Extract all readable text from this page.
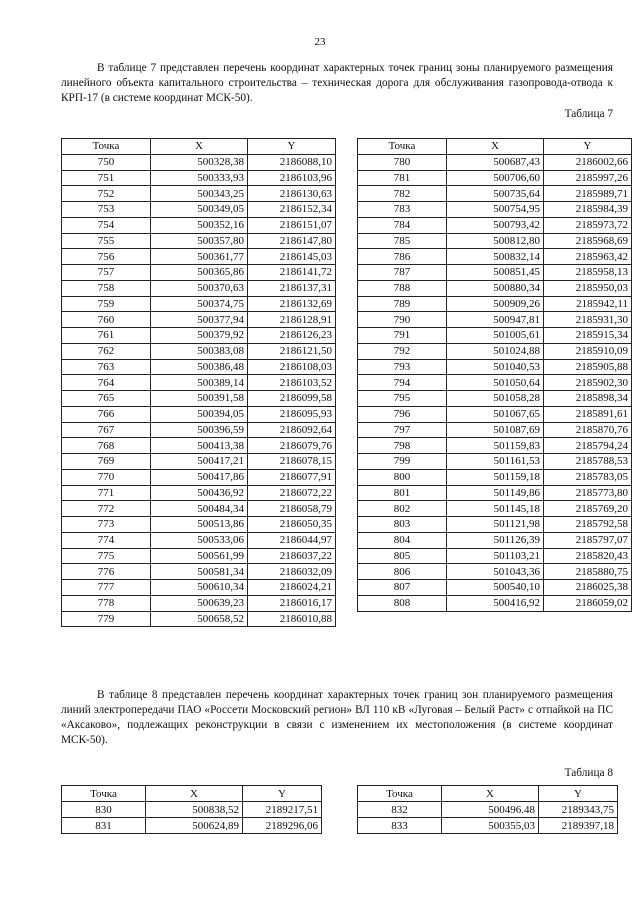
23

В таблице 7 представлен перечень координат характерных точек границ зоны планируемого размещения линейного объекта капитального строительства – техническая дорога для обслуживания газопровода-отвода к КРП-17 (в системе координат МСК-50).

Таблица 7
Точка	X	Y
750	500328,38	2186088,10
751	500333,93	2186103,96
752	500343,25	2186130,63
753	500349,05	2186152,34
754	500352,16	2186151,07
755	500357,80	2186147,80
756	500361,77	2186145,03
757	500365,86	2186141,72
758	500370,63	2186137,31
759	500374,75	2186132,69
760	500377,94	2186128,91
761	500379,92	2186126,23
762	500383,08	2186121,50
763	500386,48	2186108,03
764	500389,14	2186103,52
765	500391,58	2186099,58
766	500394,05	2186095,93
767	500396,59	2186092,64
768	500413,38	2186079,76
769	500417,21	2186078,15
770	500417,86	2186077,91
771	500436,92	2186072,22
772	500484,34	2186058,79
773	500513,86	2186050,35
774	500533,06	2186044,97
775	500561,99	2186037,22
776	500581,34	2186032,09
777	500610,34	2186024,21
778	500639,23	2186016,17
779	500658,52	2186010,88
Точка	X	Y
780	500687,43	2186002,66
781	500706,60	2185997,26
782	500735,64	2185989,71
783	500754,95	2185984,39
784	500793,42	2185973,72
785	500812,80	2185968,69
786	500832,14	2185963,42
787	500851,45	2185958,13
788	500880,34	2185950,03
789	500909,26	2185942,11
790	500947,81	2185931,30
791	501005,61	2185915,34
792	501024,88	2185910,09
793	501040,53	2185905,88
794	501050,64	2185902,30
795	501058,28	2185898,34
796	501067,65	2185891,61
797	501087,69	2185870,76
798	501159,83	2185794,24
799	501161,53	2185788,53
800	501159,18	2185783,05
801	501149,86	2185773,80
802	501145,18	2185769,20
803	501121,98	2185792,58
804	501126,39	2185797,07
805	501103,21	2185820,43
806	501043,36	2185880,75
807	500540,10	2186025,38
808	500416,92	2186059,02

В таблице 8 представлен перечень координат характерных точек границ зон планируемого размещения линий электропередачи ПАО «Россети Московский регион» ВЛ 110 кВ «Луговая – Белый Раст» с отпайкой на ПС «Аксаково», подлежащих реконструкции в связи с изменением их местоположения (в системе координат МСК-50).

Таблица 8
Точка	X	Y
830	500838,52	2189217,51
831	500624,89	2189296,06
Точка	X	Y
832	500496.48	2189343,75
833	500355,03	2189397,18
